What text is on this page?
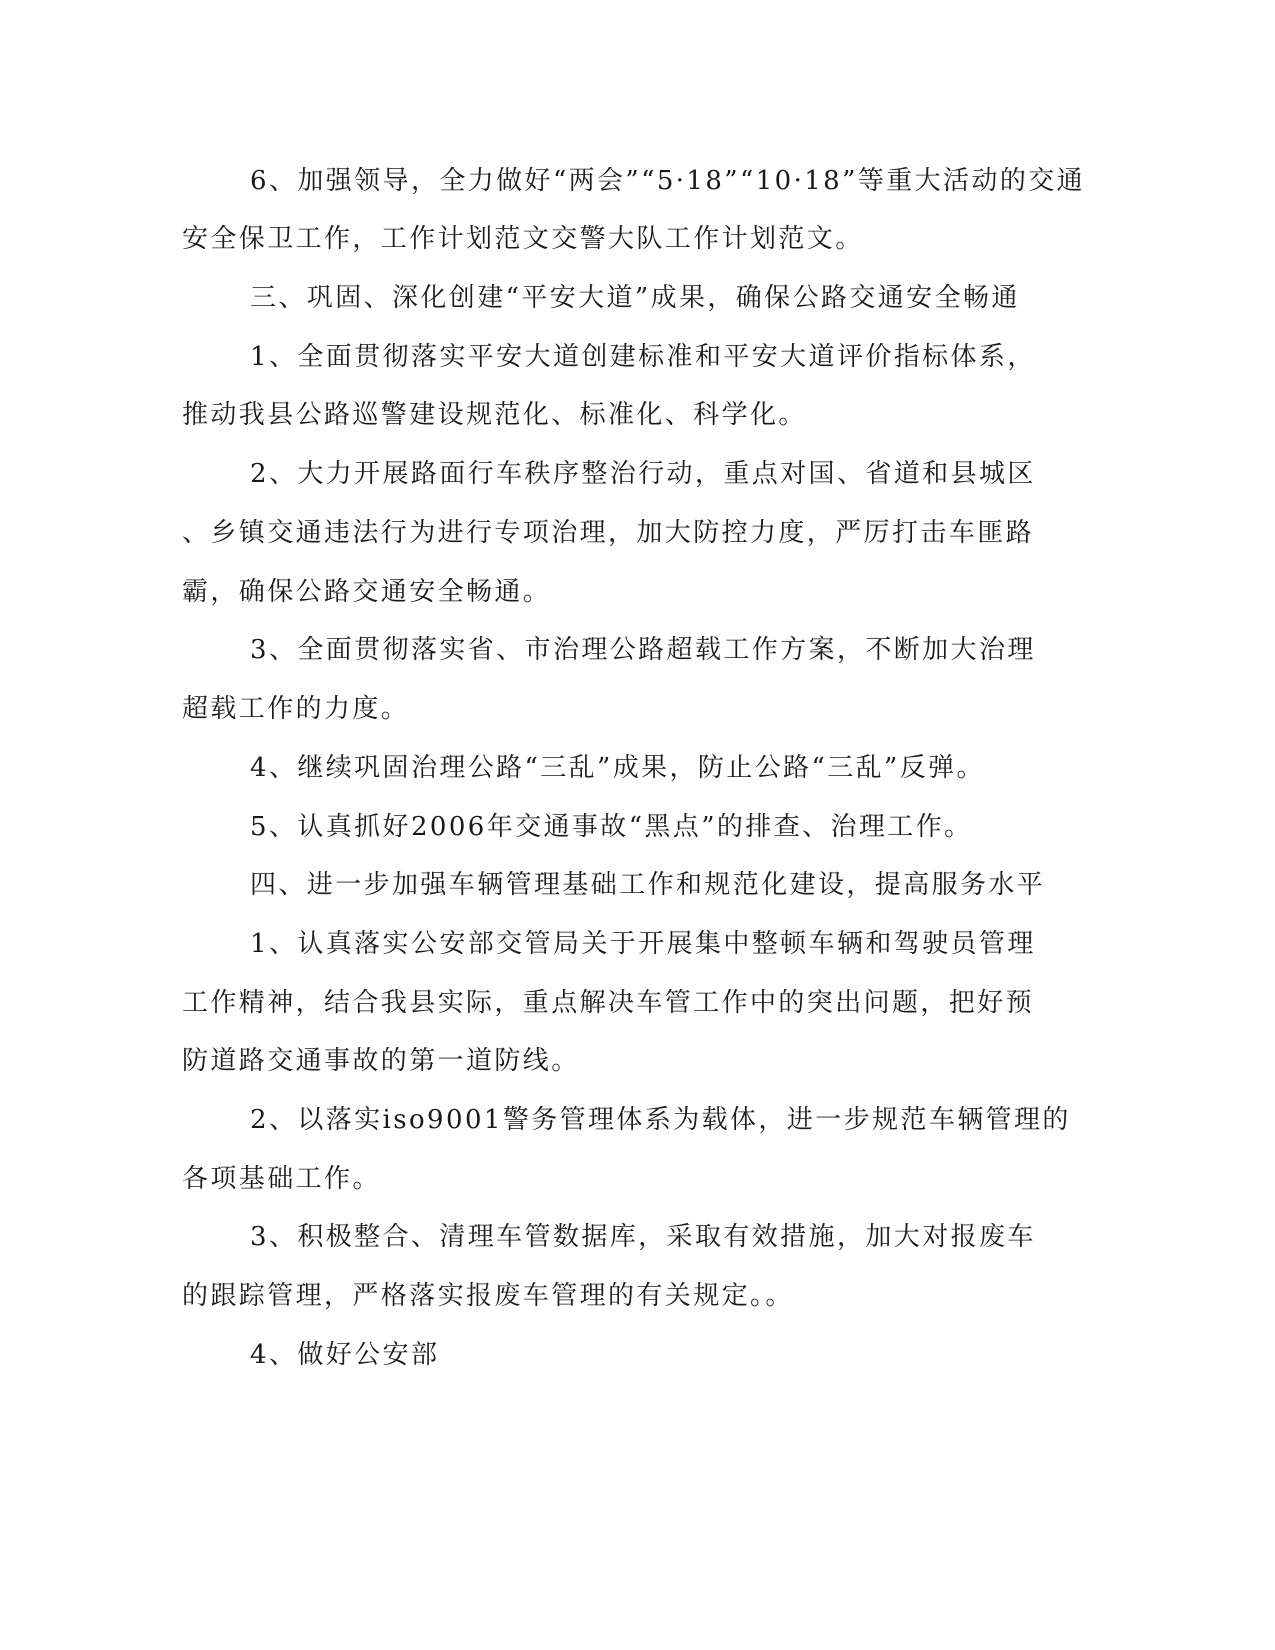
6、加强领导，全力做好“两会”“5·18”“10·18”等重大活动的交通
安全保卫工作，工作计划范文交警大队工作计划范文。
三、巩固、深化创建“平安大道”成果，确保公路交通安全畅通
1、全面贯彻落实平安大道创建标准和平安大道评价指标体系，
推动我县公路巡警建设规范化、标准化、科学化。
2、大力开展路面行车秩序整治行动，重点对国、省道和县城区
、乡镇交通违法行为进行专项治理，加大防控力度，严厉打击车匪路
霸，确保公路交通安全畅通。
3、全面贯彻落实省、市治理公路超载工作方案，不断加大治理
超载工作的力度。
4、继续巩固治理公路“三乱”成果，防止公路“三乱”反弹。
5、认真抓好2006年交通事故“黑点”的排查、治理工作。
四、进一步加强车辆管理基础工作和规范化建设，提高服务水平
1、认真落实公安部交管局关于开展集中整顿车辆和驾驶员管理
工作精神，结合我县实际，重点解决车管工作中的突出问题，把好预
防道路交通事故的第一道防线。
2、以落实iso9001警务管理体系为载体，进一步规范车辆管理的
各项基础工作。
3、积极整合、清理车管数据库，采取有效措施，加大对报废车
的跟踪管理，严格落实报废车管理的有关规定。。
4、做好公安部
